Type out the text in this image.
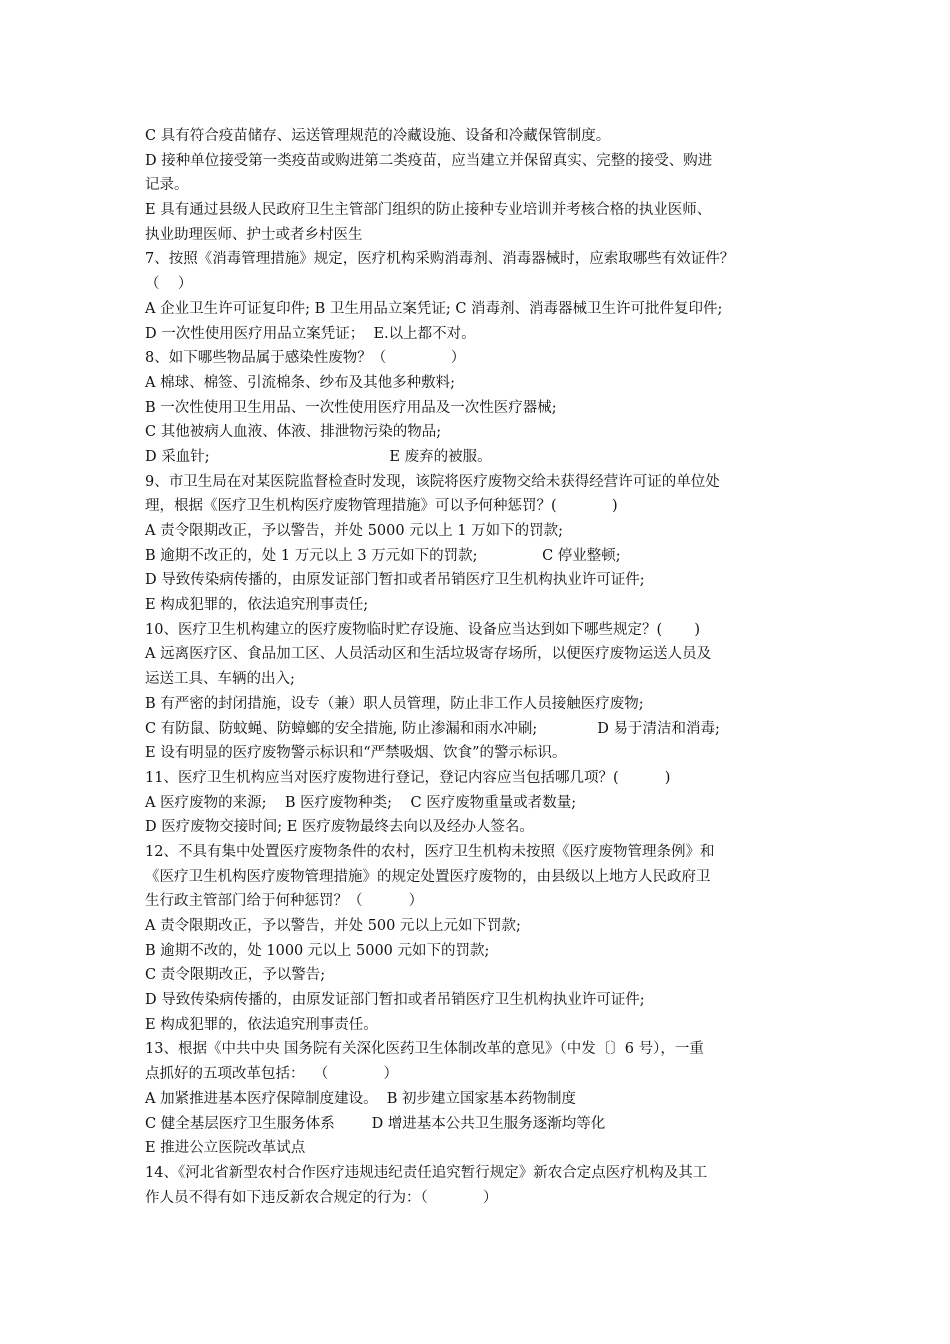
C 具有符合疫苗储存、运送管理规范的冷藏设施、设备和冷藏保管制度。
D 接种单位接受第一类疫苗或购进第二类疫苗，应当建立并保留真实、完整的接受、购进
记录。
E 具有通过县级人民政府卫生主管部门组织的防止接种专业培训并考核合格的执业医师、
执业助理医师、护士或者乡村医生
7、按照《消毒管理措施》规定，医疗机构采购消毒剂、消毒器械时，应索取哪些有效证件？
（    ）
A 企业卫生许可证复印件; B 卫生用品立案凭证; C 消毒剂、消毒器械卫生许可批件复印件;
D 一次性使用医疗用品立案凭证；  E.以上都不对。
8、如下哪些物品属于感染性废物？（              ）
A 棉球、棉签、引流棉条、纱布及其他多种敷料;
B 一次性使用卫生用品、一次性使用医疗用品及一次性医疗器械;
C 其他被病人血液、体液、排泄物污染的物品;
D 采血针;                                       E 废弃的被服。
9、市卫生局在对某医院监督检查时发现，该院将医疗废物交给未获得经营许可证的单位处
理，根据《医疗卫生机构医疗废物管理措施》可以予何种惩罚？(            )
A 责令限期改正，予以警告，并处 5000 元以上 1 万如下的罚款;
B 逾期不改正的，处 1 万元以上 3 万元如下的罚款;              C 停业整顿;
D 导致传染病传播的，由原发证部门暂扣或者吊销医疗卫生机构执业许可证件;
E 构成犯罪的，依法追究刑事责任;
10、医疗卫生机构建立的医疗废物临时贮存设施、设备应当达到如下哪些规定？(       )
A 远离医疗区、食品加工区、人员活动区和生活垃圾寄存场所，以便医疗废物运送人员及
运送工具、车辆的出入;
B 有严密的封闭措施，设专（兼）职人员管理，防止非工作人员接触医疗废物;
C 有防鼠、防蚊蝇、防蟑螂的安全措施, 防止渗漏和雨水冲刷;             D 易于清洁和消毒;
E 设有明显的医疗废物警示标识和“严禁吸烟、饮食”的警示标识。
11、医疗卫生机构应当对医疗废物进行登记，登记内容应当包括哪几项？(          )
A 医疗废物的来源;    B 医疗废物种类;    C 医疗废物重量或者数量;
D 医疗废物交接时间; E 医疗废物最终去向以及经办人签名。
12、不具有集中处置医疗废物条件的农村，医疗卫生机构未按照《医疗废物管理条例》和
《医疗卫生机构医疗废物管理措施》的规定处置医疗废物的，由县级以上地方人民政府卫
生行政主管部门给于何种惩罚？（          ）
A 责令限期改正，予以警告，并处 500 元以上元如下罚款;
B 逾期不改的，处 1000 元以上 5000 元如下的罚款;
C 责令限期改正，予以警告;
D 导致传染病传播的，由原发证部门暂扣或者吊销医疗卫生机构执业许可证件;
E 构成犯罪的，依法追究刑事责任。
13、根据《中共中央 国务院有关深化医药卫生体制改革的意见》（中发〔〕6 号），一重
点抓好的五项改革包括：  （            ）
A 加紧推进基本医疗保障制度建设。  B 初步建立国家基本药物制度
C 健全基层医疗卫生服务体系        D 增进基本公共卫生服务逐渐均等化
E 推进公立医院改革试点
14、《河北省新型农村合作医疗违规违纪责任追究暂行规定》新农合定点医疗机构及其工
作人员不得有如下违反新农合规定的行为：（            ）
